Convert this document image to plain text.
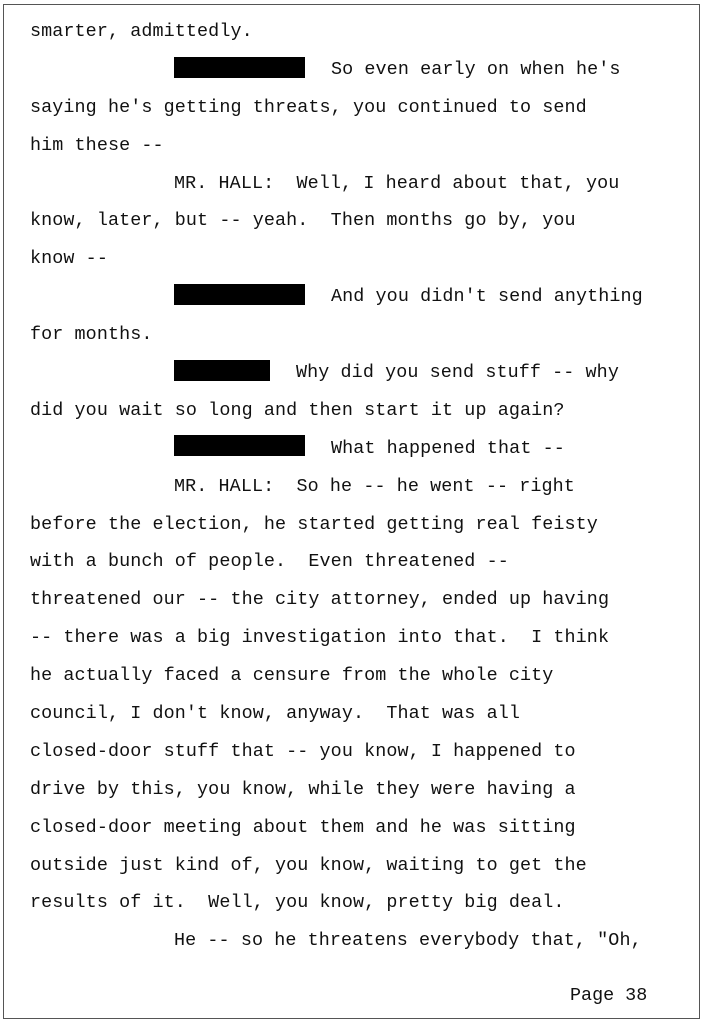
smarter, admittedly.
So even early on when he's
saying he's getting threats, you continued to send
him these --
MR. HALL:  Well, I heard about that, you
know, later, but -- yeah.  Then months go by, you
know --
And you didn't send anything
for months.
Why did you send stuff -- why
did you wait so long and then start it up again?
What happened that --
MR. HALL:  So he -- he went -- right
before the election, he started getting real feisty
with a bunch of people.  Even threatened --
threatened our -- the city attorney, ended up having
-- there was a big investigation into that.  I think
he actually faced a censure from the whole city
council, I don't know, anyway.  That was all
closed-door stuff that -- you know, I happened to
drive by this, you know, while they were having a
closed-door meeting about them and he was sitting
outside just kind of, you know, waiting to get the
results of it.  Well, you know, pretty big deal.
He -- so he threatens everybody that, "Oh,
Page 38
